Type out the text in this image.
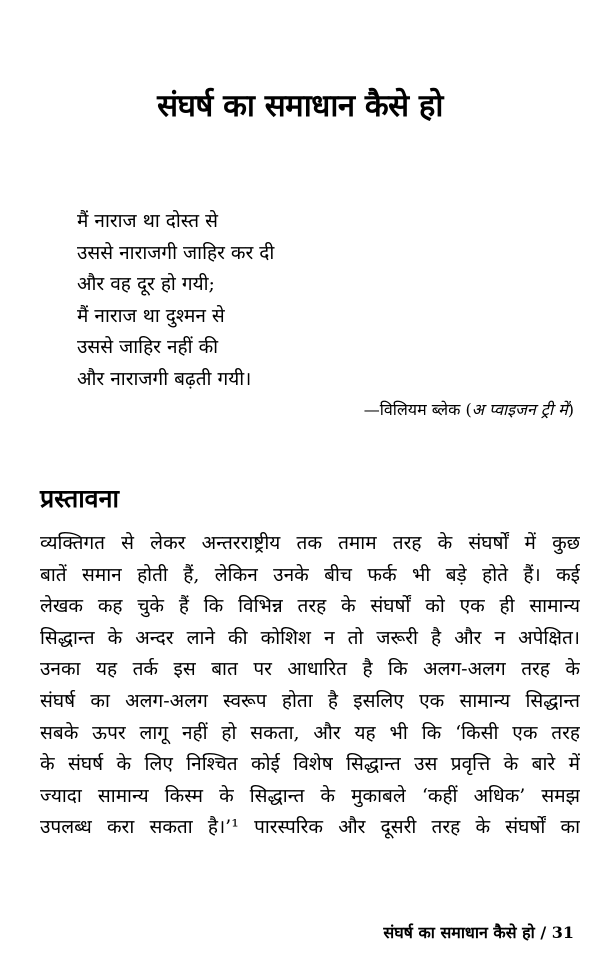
संघर्ष का समाधान कैसे हो
मैं नाराज था दोस्त से
उससे नाराजगी जाहिर कर दी
और वह दूर हो गयी;
मैं नाराज था दुश्मन से
उससे जाहिर नहीं की
और नाराजगी बढ़ती गयी।
—विलियम ब्लेक (अ प्वाइजन ट्री में)
प्रस्तावना
व्यक्तिगत से लेकर अन्तरराष्ट्रीय तक तमाम तरह के संघर्षों में कुछ
बातें समान होती हैं, लेकिन उनके बीच फर्क भी बड़े होते हैं। कई
लेखक कह चुके हैं कि विभिन्न तरह के संघर्षों को एक ही सामान्य
सिद्धान्त के अन्दर लाने की कोशिश न तो जरूरी है और न अपेक्षित।
उनका यह तर्क इस बात पर आधारित है कि अलग-अलग तरह के
संघर्ष का अलग-अलग स्वरूप होता है इसलिए एक सामान्य सिद्धान्त
सबके ऊपर लागू नहीं हो सकता, और यह भी कि ‘किसी एक तरह
के संघर्ष के लिए निश्चित कोई विशेष सिद्धान्त उस प्रवृत्ति के बारे में
ज्यादा सामान्य किस्म के सिद्धान्त के मुकाबले ‘कहीं अधिक’ समझ
उपलब्ध करा सकता है।’¹ पारस्परिक और दूसरी तरह के संघर्षों का
संघर्ष का समाधान कैसे हो / 31
